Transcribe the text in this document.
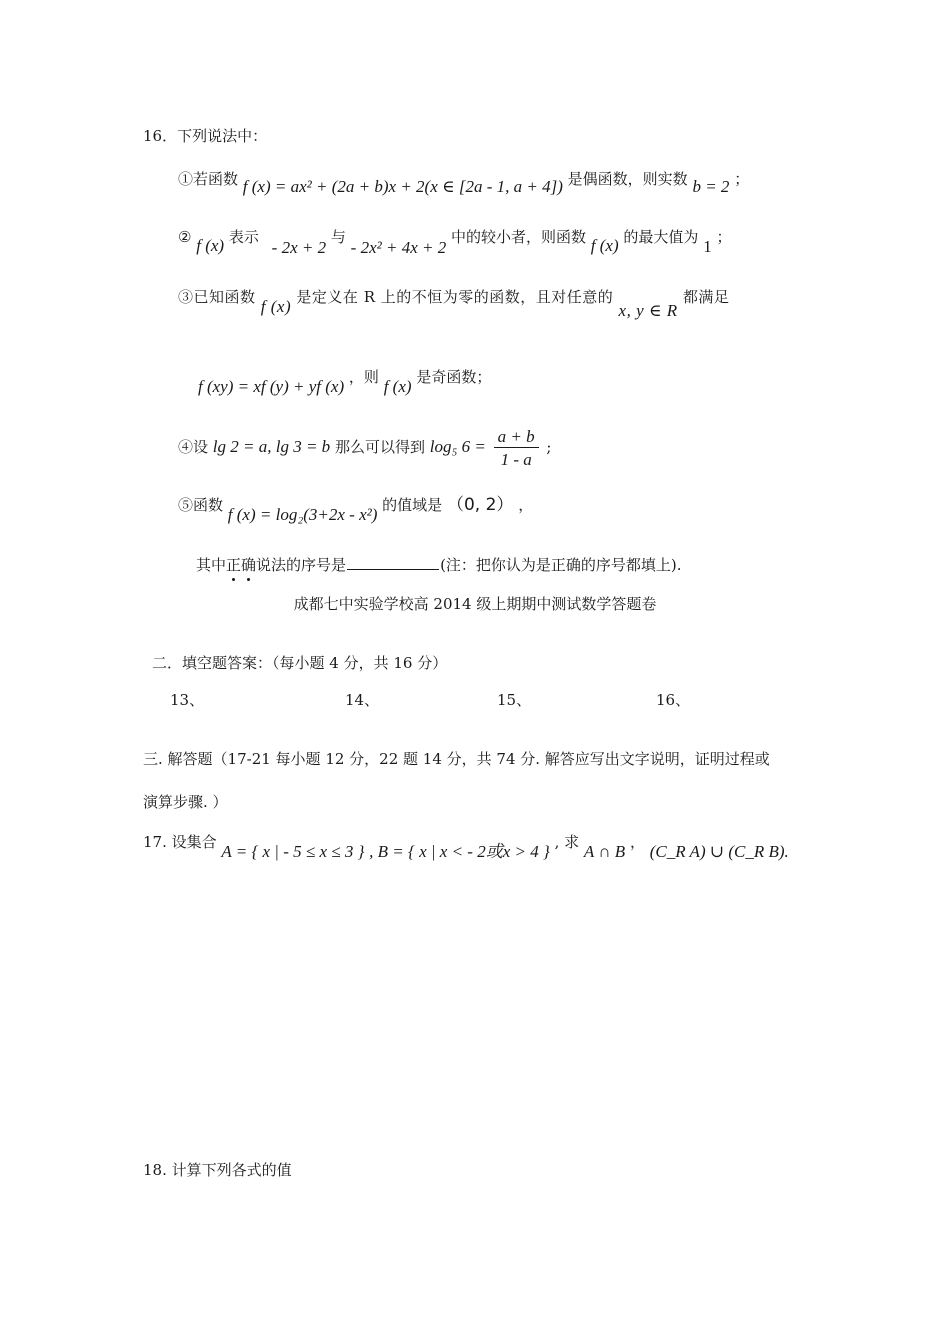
16．下列说法中：
①若函数 f (x) = ax² + (2a + b)x + 2(x ∈ [2a - 1, a + 4]) 是偶函数，则实数 b = 2 ；
② f (x) 表示 - 2x + 2 与 - 2x² + 4x + 2 中的较小者，则函数 f (x) 的最大值为 1 ；
③已知函数 f (x) 是定义在 R 上的不恒为零的函数，且对任意的 x, y ∈ R 都满足
f (xy) = xf (y) + yf (x) ，则 f (x) 是奇函数；
④设 lg 2 = a, lg 3 = b 那么可以得到 log₅ $6 = \frac{a + b}{1 - a}$ ;
⑤函数 f (x) = log₂(3+2x - x²) 的值域是 （0, 2） ，
其中正确说法的序号是	(注：把你认为是正确的序号都填上).
成都七中实验学校高 2014 级上期期中测试数学答题卷
二．填空题答案：（每小题 4 分，共 16 分）
13、	14、	15、	16、
三. 解答题（17-21 每小题 12 分，22 题 14 分，共 74 分. 解答应写出文字说明，证明过程或
演算步骤. ）
17. 设集合 A = { x | - 5 ≤ x ≤ 3 } , B = { x | x < - 2或x > 4 } , 求 A ∩ B ， (C_R A) ∪ (C_R B).
18. 计算下列各式的值
